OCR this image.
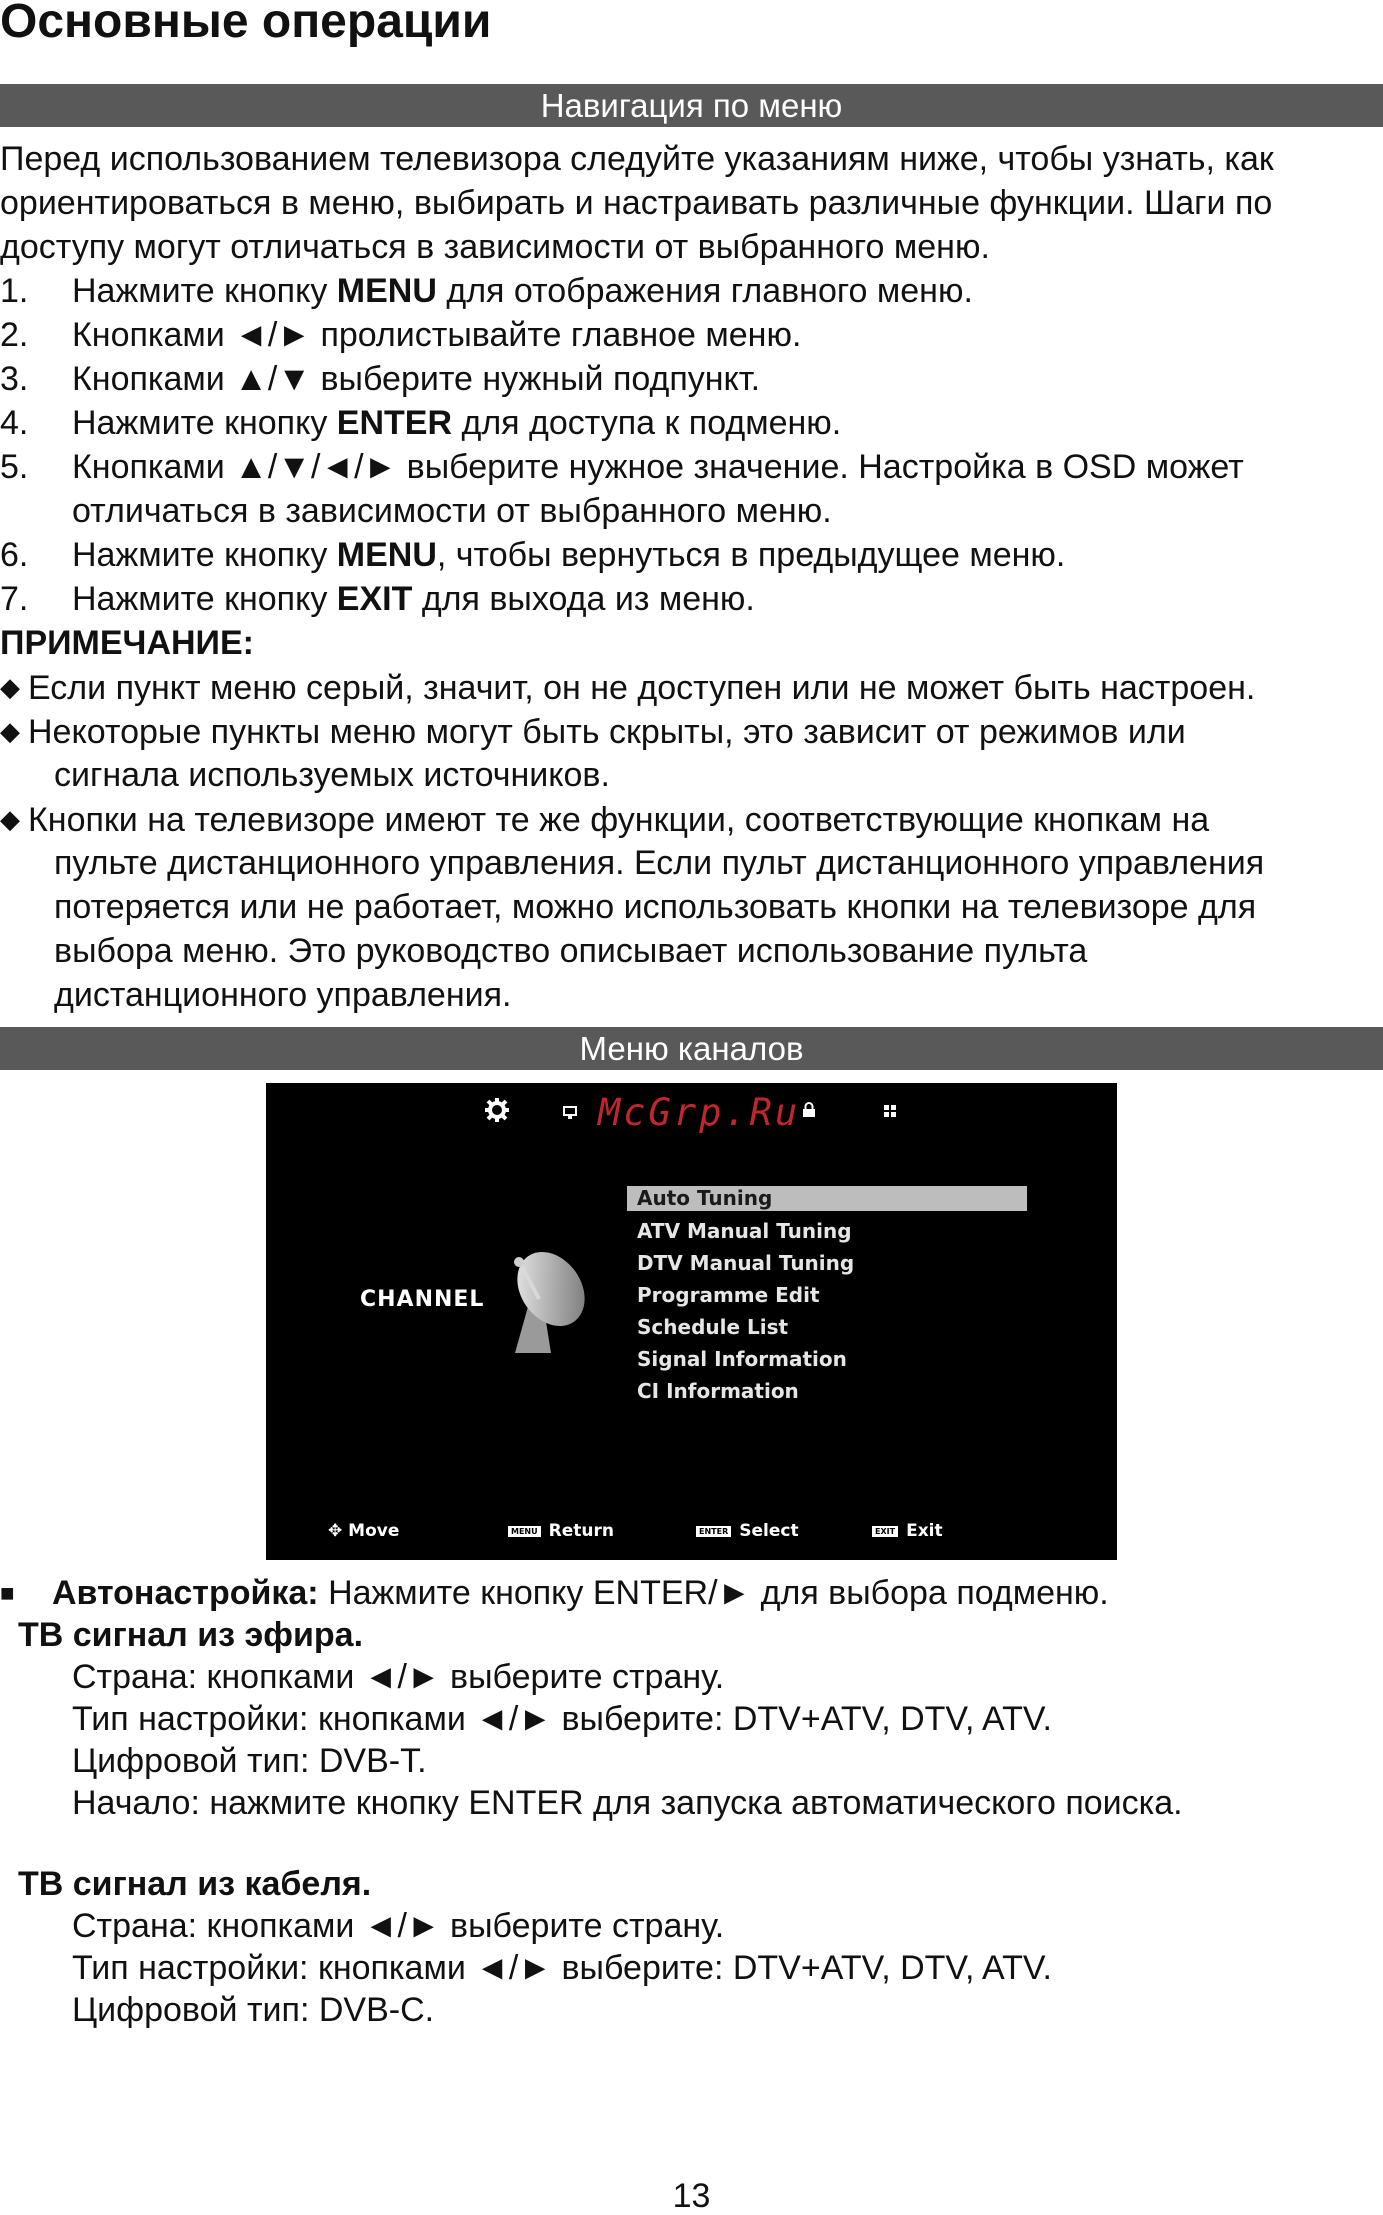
Основные операции
Навигация по меню
Перед использованием телевизора следуйте указаниям ниже, чтобы узнать, как
ориентироваться в меню, выбирать и настраивать различные функции. Шаги по
доступу могут отличаться в зависимости от выбранного меню.
1. Нажмите кнопку MENU для отображения главного меню.
2. Кнопками ◄/► пролистывайте главное меню.
3. Кнопками ▲/▼ выберите нужный подпункт.
4. Нажмите кнопку ENTER для доступа к подменю.
5. Кнопками ▲/▼/◄/► выберите нужное значение. Настройка в OSD может
отличаться в зависимости от выбранного меню.
6. Нажмите кнопку MENU, чтобы вернуться в предыдущее меню.
7. Нажмите кнопку EXIT для выхода из меню.
ПРИМЕЧАНИЕ:
◆ Если пункт меню серый, значит, он не доступен или не может быть настроен.
◆ Некоторые пункты меню могут быть скрыты, это зависит от режимов или
сигнала используемых источников.
◆ Кнопки на телевизоре имеют те же функции, соответствующие кнопкам на
пульте дистанционного управления. Если пульт дистанционного управления
потеряется или не работает, можно использовать кнопки на телевизоре для
выбора меню. Это руководство описывает использование пульта
дистанционного управления.
Меню каналов
McGrp.Ru
CHANNEL
Auto Tuning
ATV Manual Tuning
DTV Manual Tuning
Programme Edit
Schedule List
Signal Information
CI Information
✥ Move	MENU Return	ENTER Select	EXIT Exit
■ Автонастройка: Нажмите кнопку ENTER/► для выбора подменю.
ТВ сигнал из эфира.
Страна: кнопками ◄/► выберите страну.
Тип настройки: кнопками ◄/► выберите: DTV+ATV, DTV, ATV.
Цифровой тип: DVB-T.
Начало: нажмите кнопку ENTER для запуска автоматического поиска.
ТВ сигнал из кабеля.
Страна: кнопками ◄/► выберите страну.
Тип настройки: кнопками ◄/► выберите: DTV+ATV, DTV, ATV.
Цифровой тип: DVB-C.
13
